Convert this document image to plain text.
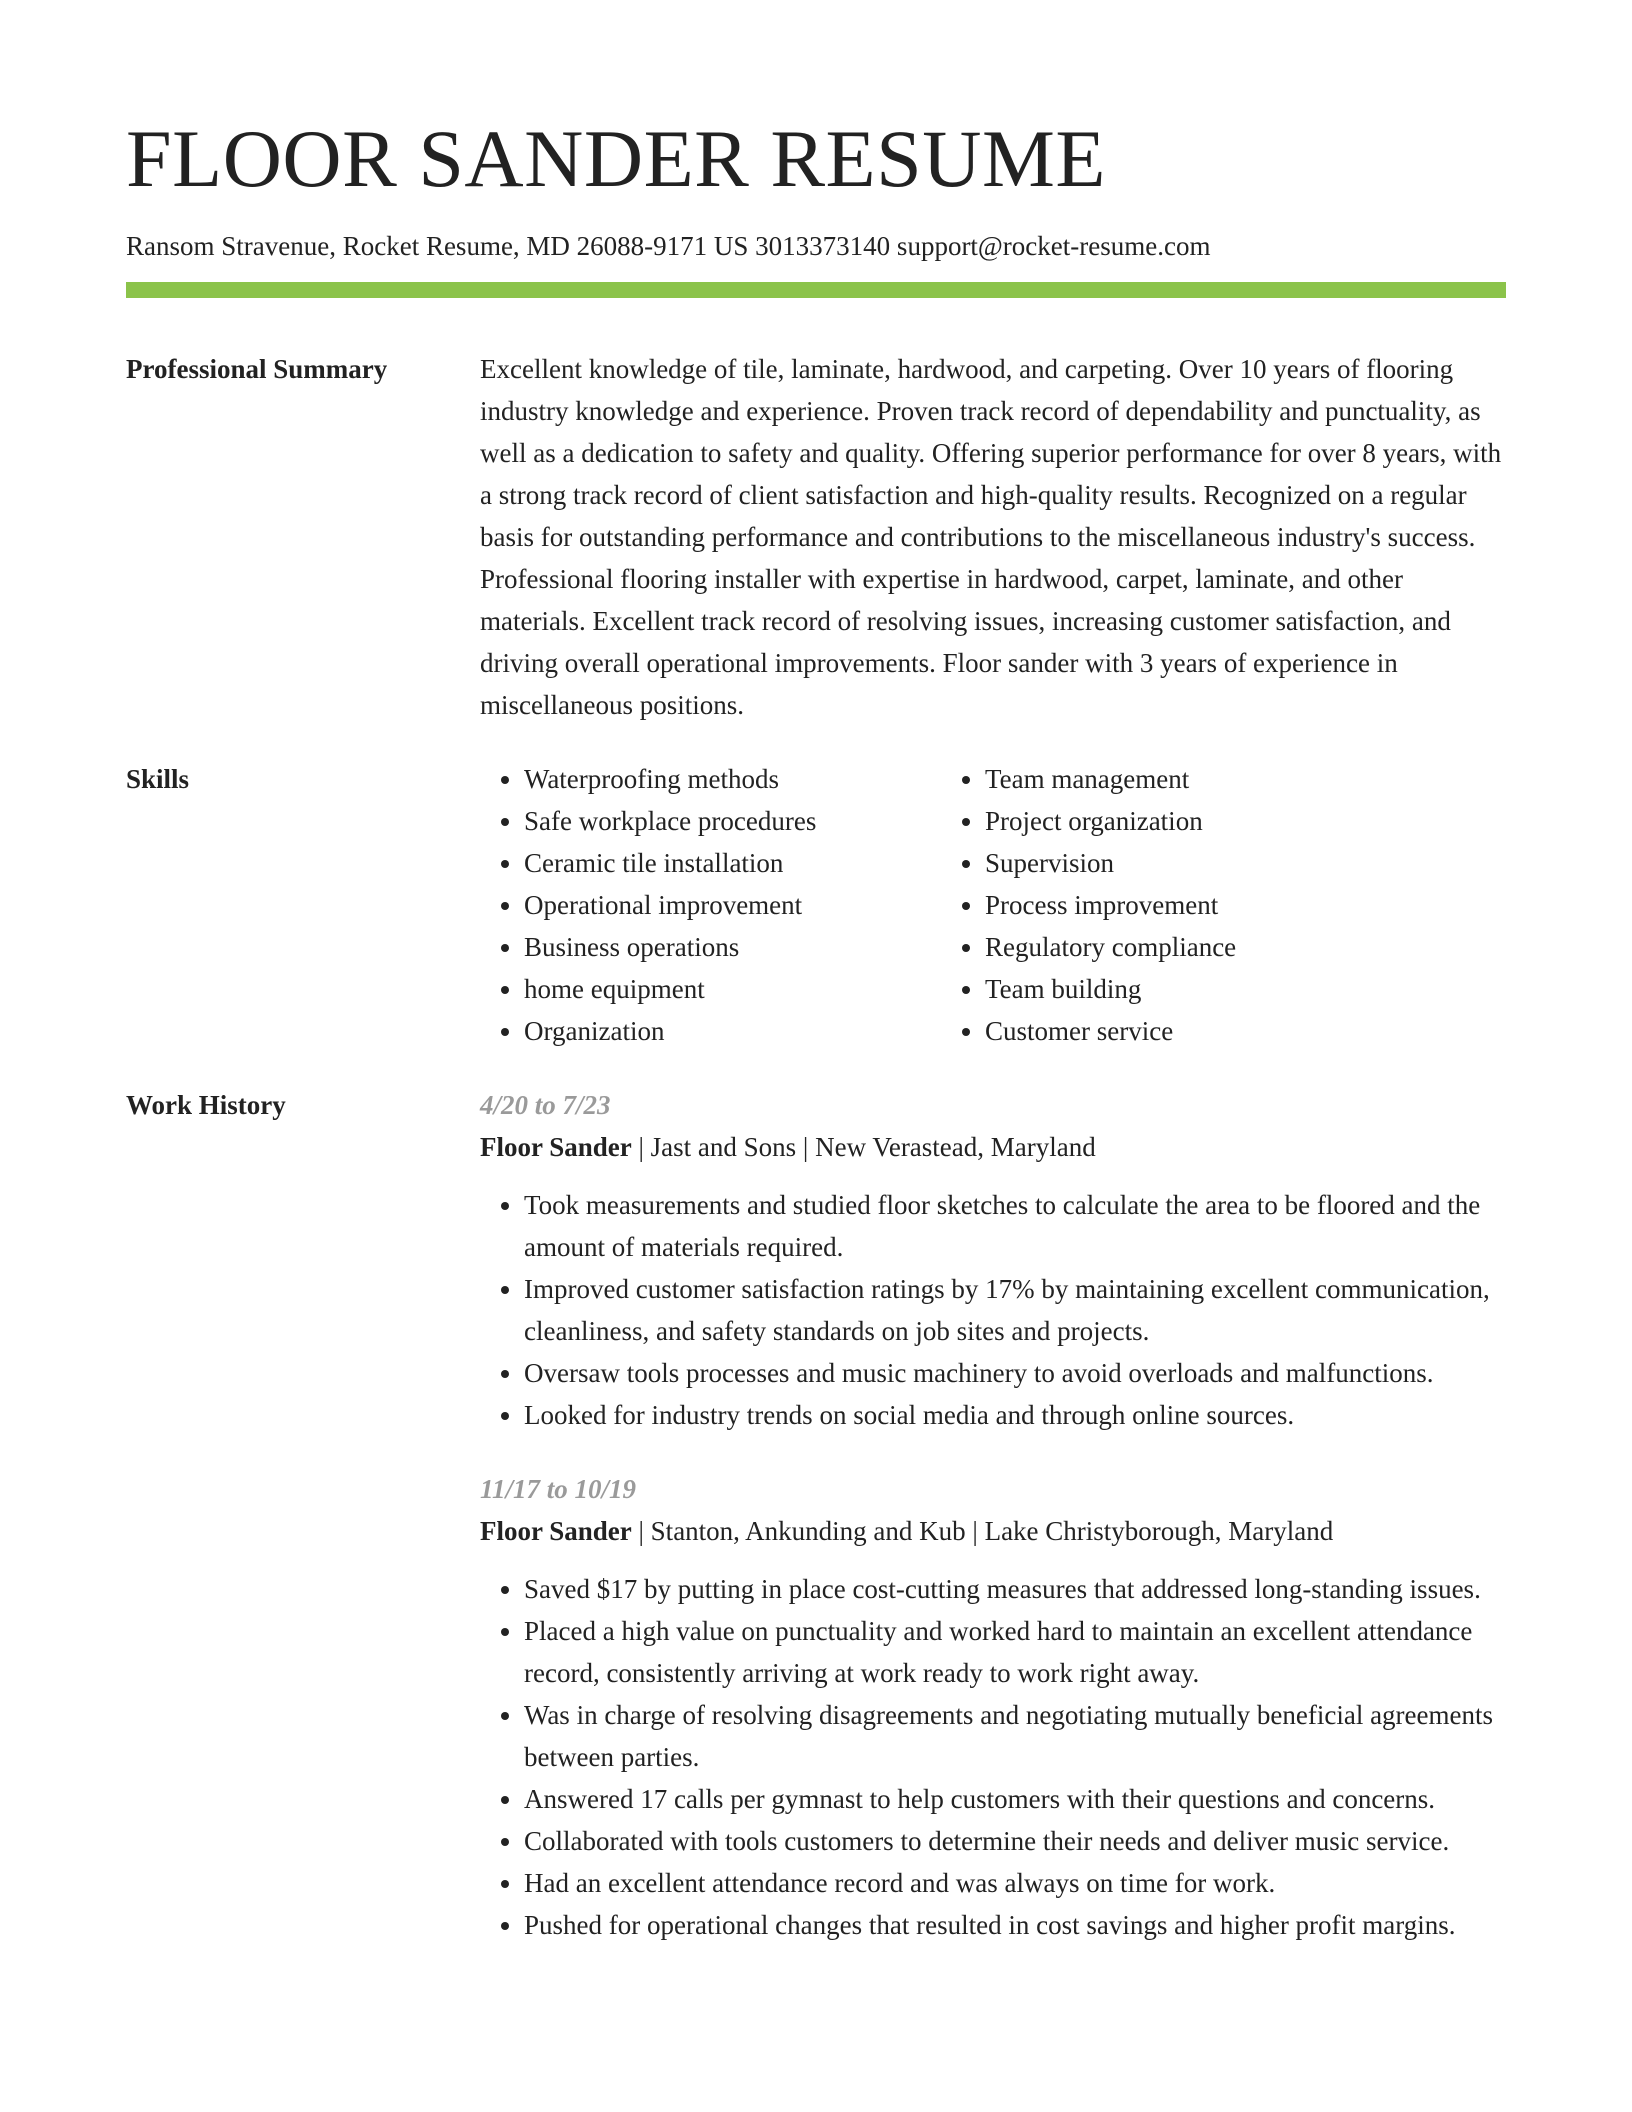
FLOOR SANDER RESUME
Ransom Stravenue, Rocket Resume, MD 26088-9171 US 3013373140 support@rocket-resume.com
Professional Summary	Excellent knowledge of tile, laminate, hardwood, and carpeting. Over 10 years of flooring industry knowledge and experience. Proven track record of dependability and punctuality, as well as a dedication to safety and quality. Offering superior performance for over 8 years, with a strong track record of client satisfaction and high-quality results. Recognized on a regular basis for outstanding performance and contributions to the miscellaneous industry's success. Professional flooring installer with expertise in hardwood, carpet, laminate, and other materials. Excellent track record of resolving issues, increasing customer satisfaction, and driving overall operational improvements. Floor sander with 3 years of experience in miscellaneous positions.

Skills
•	Waterproofing methods
• Safe workplace procedures
• Ceramic tile installation
• Operational improvement
• Business operations
• home equipment
• Organization
• Team management
• Project organization
• Supervision
• Process improvement
• Regulatory compliance
• Team building
• Customer service
Work History	4/20 to 7/23
Floor Sander | Jast and Sons | New Verastead, Maryland
• Took measurements and studied floor sketches to calculate the area to be floored and the amount of materials required.
• Improved customer satisfaction ratings by 17% by maintaining excellent communication, cleanliness, and safety standards on job sites and projects.
• Oversaw tools processes and music machinery to avoid overloads and malfunctions.
• Looked for industry trends on social media and through online sources.
11/17 to 10/19
Floor Sander | Stanton, Ankunding and Kub | Lake Christyborough, Maryland
• Saved $17 by putting in place cost-cutting measures that addressed long-standing issues.
• Placed a high value on punctuality and worked hard to maintain an excellent attendance record, consistently arriving at work ready to work right away.
• Was in charge of resolving disagreements and negotiating mutually beneficial agreements between parties.
• Answered 17 calls per gymnast to help customers with their questions and concerns.
• Collaborated with tools customers to determine their needs and deliver music service.
• Had an excellent attendance record and was always on time for work.
• Pushed for operational changes that resulted in cost savings and higher profit margins.
